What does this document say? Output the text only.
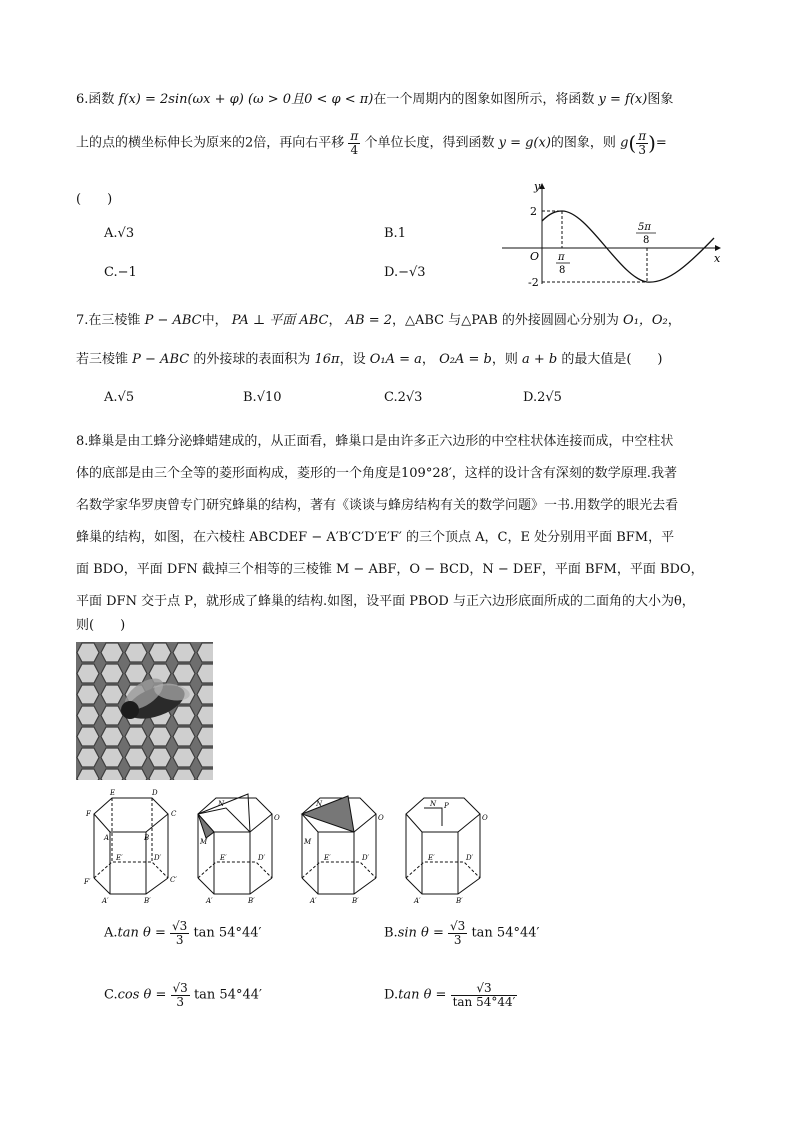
6.函数 f(x) = 2sin(ωx + φ) (ω > 0且0 < φ < π)在一个周期内的图象如图所示，将函数 y = f(x)图象
上的点的横坐标伸长为原来的2倍，再向右平移 $\frac{\pi}{4}$ 个单位长度，得到函数 y = g(x)的图象，则 $g( \frac{\pi}{3}$ )=
(　　)
A.√3	B.1
C.−1	D.−√3
y
x
O
2
-2
π
8
5π
8
7.在三棱锥 P − ABC中， PA ⊥ 平面 ABC， AB = 2，△ABC 与△PAB 的外接圆圆心分别为 O₁，O₂，
若三棱锥 P − ABC 的外接球的表面积为 16π，设 O₁A = a， O₂A = b，则 a + b 的最大值是(　　)
A.√5	B.√10	C.2√3	D.2√5
8.蜂巢是由工蜂分泌蜂蜡建成的，从正面看，蜂巢口是由许多正六边形的中空柱状体连接而成，中空柱状
体的底部是由三个全等的菱形面构成，菱形的一个角度是109°28′，这样的设计含有深刻的数学原理.我著
名数学家华罗庚曾专门研究蜂巢的结构，著有《谈谈与蜂房结构有关的数学问题》一书.用数学的眼光去看
蜂巢的结构，如图，在六棱柱 ABCDEF − A′B′C′D′E′F′ 的三个顶点 A，C，E 处分别用平面 BFM，平
面 BDO，平面 DFN 截掉三个相等的三棱锥 M − ABF，O − BCD，N − DEF，平面 BFM，平面 BDO，
平面 DFN 交于点 P，就形成了蜂巢的结构.如图，设平面 PBOD 与正六边形底面所成的二面角的大小为θ，
则(　　)
E	D
F	C
A	B
E′	D′
F′	C′
A′	B′
M
N
O
E′	D′
A′	B′
N
M
O
E′	D′
A′	B′
N P
O
E′	D′
A′	B′
A.tan $\theta = \frac{√3}{3}$ tan 54°44′	B.sin $\theta = \frac{√3}{3}$ tan 54°44′
C.cos $\theta = \frac{√3}{3}$ tan 54°44′	D.tan $\theta = \frac{√3}{\tan 54^\circ 44'}$
